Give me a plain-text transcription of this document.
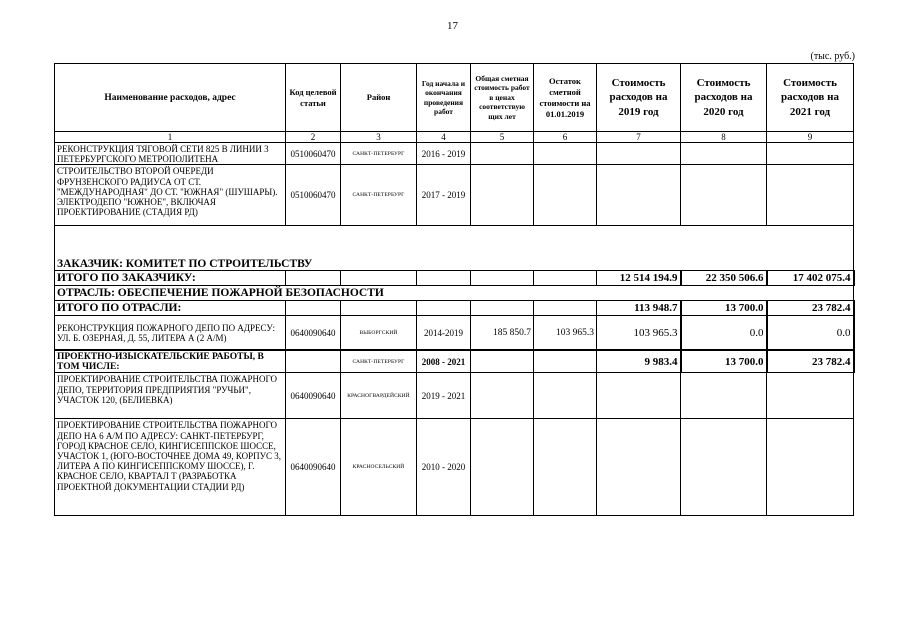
17
(тыс. руб.)
Наименование расходов, адрес	Код целевой статьи	Район	Год начала и окончания проведения работ	Общая сметная стоимость работ в ценах соответствую щих лет	Остаток сметной стоимости на 01.01.2019	Стоимость расходов на 2019 год	Стоимость расходов на 2020 год	Стоимость расходов на 2021 год
1	2	3	4	5	6	7	8	9
РЕКОНСТРУКЦИЯ ТЯГОВОЙ СЕТИ 825 В ЛИНИИ 3 ПЕТЕРБУРГСКОГО МЕТРОПОЛИТЕНА	0510060470	САНКТ-ПЕТЕРБУРГ	2016 - 2019					
СТРОИТЕЛЬСТВО ВТОРОЙ ОЧЕРЕДИ ФРУНЗЕНСКОГО РАДИУСА ОТ СТ. "МЕЖДУНАРОДНАЯ" ДО СТ. "ЮЖНАЯ" (ШУШАРЫ). ЭЛЕКТРОДЕПО "ЮЖНОЕ", ВКЛЮЧАЯ ПРОЕКТИРОВАНИЕ (СТАДИЯ РД)	0510060470	САНКТ-ПЕТЕРБУРГ	2017 - 2019					
ЗАКАЗЧИК: КОМИТЕТ ПО СТРОИТЕЛЬСТВУ								
ИТОГО ПО ЗАКАЗЧИКУ:						12 514 194.9	22 350 506.6	17 402 075.4
ОТРАСЛЬ: ОБЕСПЕЧЕНИЕ ПОЖАРНОЙ БЕЗОПАСНОСТИ								
ИТОГО ПО ОТРАСЛИ:						113 948.7	13 700.0	23 782.4
РЕКОНСТРУКЦИЯ ПОЖАРНОГО ДЕПО ПО АДРЕСУ: УЛ. Б. ОЗЕРНАЯ, Д. 55, ЛИТЕРА А (2 А/М)	0640090640	ВЫБОРГСКИЙ	2014-2019	185 850.7	103 965.3	103 965.3	0.0	0.0
ПРОЕКТНО-ИЗЫСКАТЕЛЬСКИЕ РАБОТЫ, В ТОМ ЧИСЛЕ:		САНКТ-ПЕТЕРБУРГ	2008 - 2021			9 983.4	13 700.0	23 782.4
ПРОЕКТИРОВАНИЕ СТРОИТЕЛЬСТВА ПОЖАРНОГО ДЕПО, ТЕРРИТОРИЯ ПРЕДПРИЯТИЯ "РУЧЬИ", УЧАСТОК 120, (БЕЛИЕВКА)	0640090640	КРАСНОГВАРДЕЙСКИЙ	2019 - 2021					
ПРОЕКТИРОВАНИЕ СТРОИТЕЛЬСТВА ПОЖАРНОГО ДЕПО НА 6 А/М ПО АДРЕСУ: САНКТ-ПЕТЕРБУРГ, ГОРОД КРАСНОЕ СЕЛО, КИНГИСЕППСКОЕ ШОССЕ, УЧАСТОК 1, (ЮГО-ВОСТОЧНЕЕ ДОМА 49, КОРПУС 3, ЛИТЕРА А ПО КИНГИСЕППСКОМУ ШОССЕ), Г. КРАСНОЕ СЕЛО, КВАРТАЛ Т (РАЗРАБОТКА ПРОЕКТНОЙ ДОКУМЕНТАЦИИ СТАДИИ РД)	0640090640	КРАСНОСЕЛЬСКИЙ	2010 - 2020					
